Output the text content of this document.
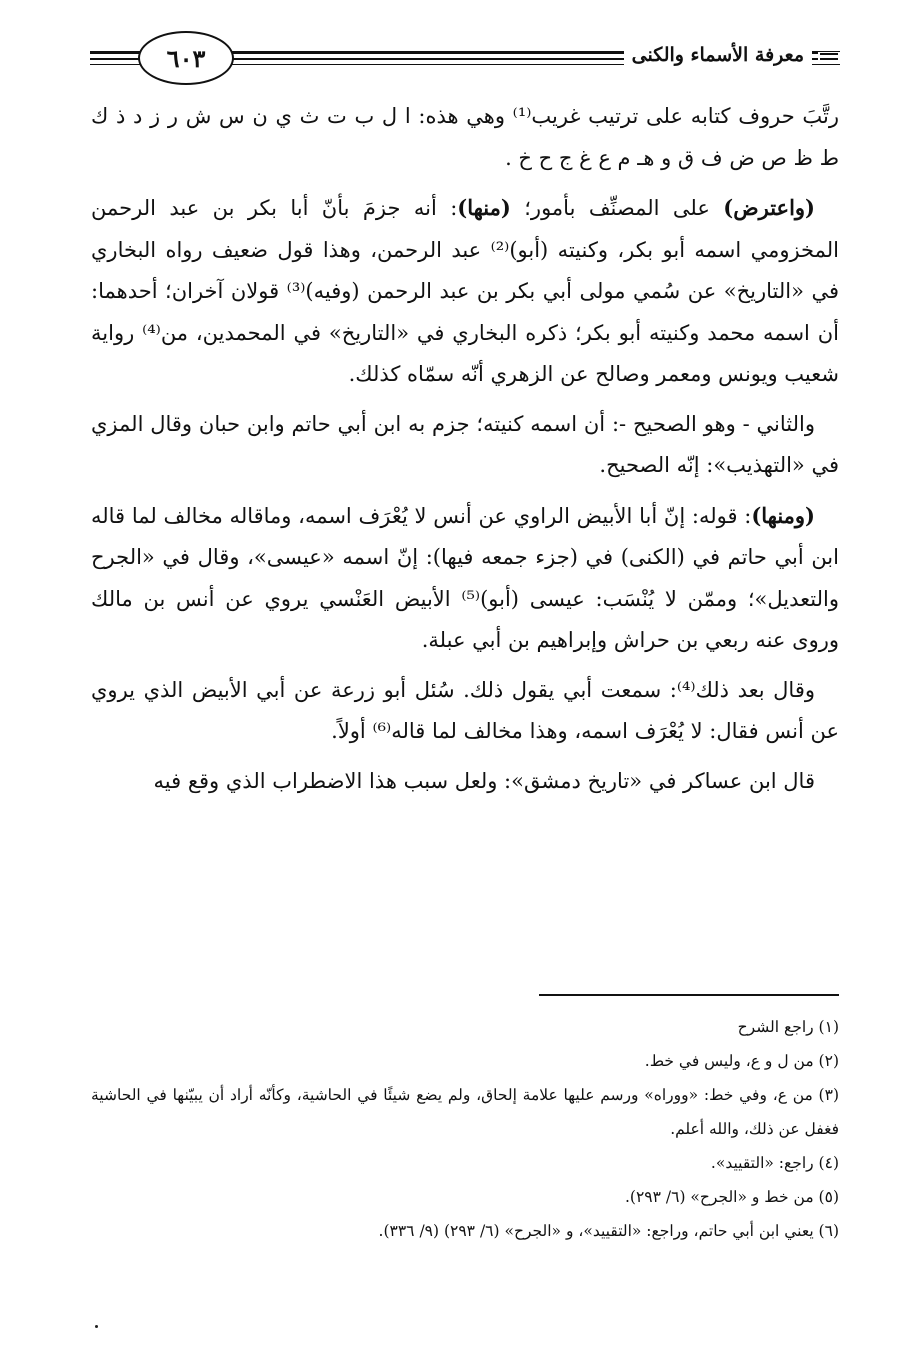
٦٠٣	معرفة الأسماء والكنى

رتَّبَ حروف كتابه على ترتيب غريب⁽¹⁾ وهي هذه: ا ل ب ت ث ي ن س ش ر ز د ذ ك ط ظ ص ض ف ق و هـ م ع غ ج ح خ .

(واعترض) على المصنِّف بأمور؛ (منها): أنه جزمَ بأنّ أبا بكر بن عبد الرحمن المخزومي اسمه أبو بكر، وكنيته (أبو)⁽²⁾ عبد الرحمن، وهذا قول ضعيف رواه البخاري في «التاريخ» عن سُمي مولى أبي بكر بن عبد الرحمن (وفيه)⁽³⁾ قولان آخران؛ أحدهما: أن اسمه محمد وكنيته أبو بكر؛ ذكره البخاري في «التاريخ» في المحمدين، من⁽⁴⁾ رواية شعيب ويونس ومعمر وصالح عن الزهري أنّه سمّاه كذلك.

والثاني - وهو الصحيح -: أن اسمه كنيته؛ جزم به ابن أبي حاتم وابن حبان وقال المزي في «التهذيب»: إنّه الصحيح.

(ومنها): قوله: إنّ أبا الأبيض الراوي عن أنس لا يُعْرَف اسمه، وماقاله مخالف لما قاله ابن أبي حاتم في (الكنى) في (جزء جمعه فيها): إنّ اسمه «عيسى»، وقال في «الجرح والتعديل»؛ وممّن لا يُنْسَب: عيسى (أبو)⁽⁵⁾ الأبيض العَنْسي يروي عن أنس بن مالك وروى عنه ربعي بن حراش وإبراهيم بن أبي عبلة.

وقال بعد ذلك⁽⁴⁾: سمعت أبي يقول ذلك. سُئل أبو زرعة عن أبي الأبيض الذي يروي عن أنس فقال: لا يُعْرَف اسمه، وهذا مخالف لما قاله⁽⁶⁾ أولاً.

قال ابن عساكر في «تاريخ دمشق»: ولعل سبب هذا الاضطراب الذي وقع فيه

(١) راجع الشرح

(٢) من ل و ع، وليس في خط.

(٣) من ع، وفي خط: «ووراه» ورسم عليها علامة إلحاق، ولم يضع شيئًا في الحاشية، وكأنّه أراد أن يبيّنها في الحاشية فغفل عن ذلك، والله أعلم.

(٤) راجع: «التقييد».

(٥) من خط و «الجرح» (٦/ ٢٩٣).

(٦) يعني ابن أبي حاتم، وراجع: «التقييد»، و «الجرح» (٦/ ٢٩٣) (٩/ ٣٣٦).
